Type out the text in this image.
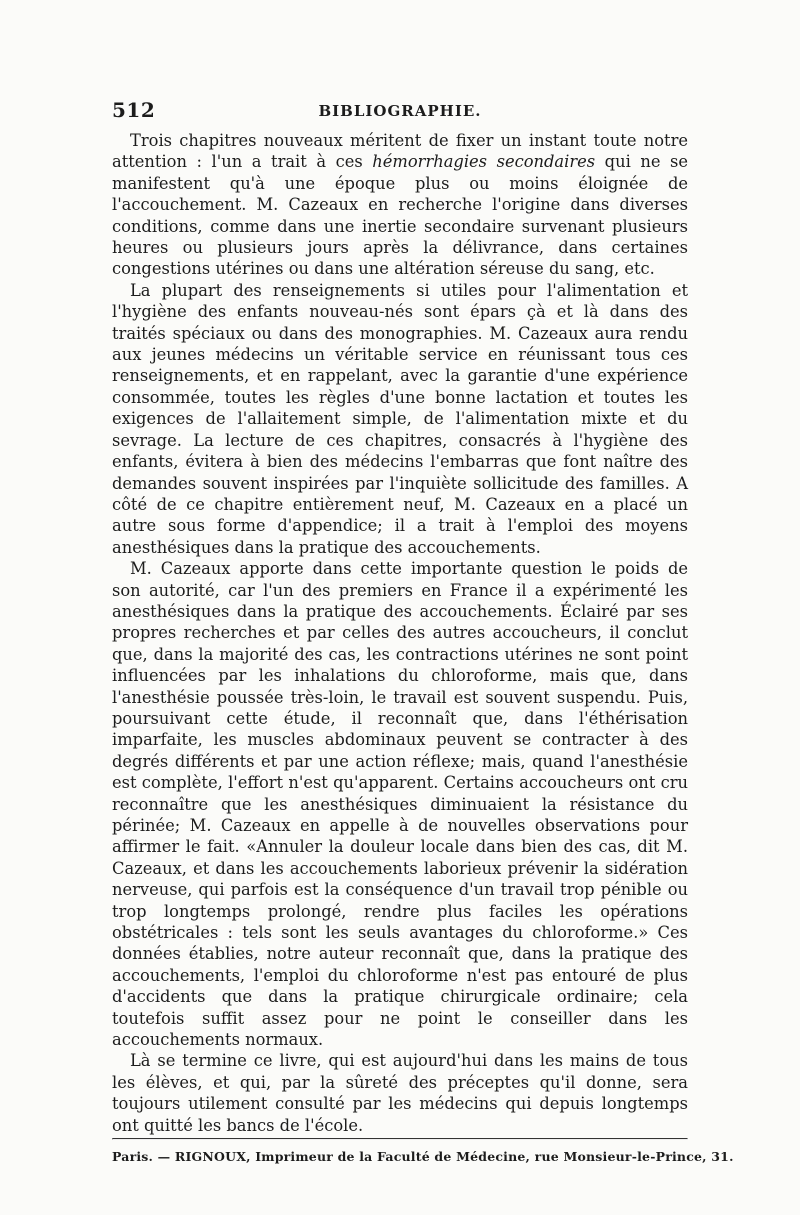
512	BIBLIOGRAPHIE.

Trois chapitres nouveaux méritent de fixer un instant toute notre attention : l'un a trait à ces hémorrhagies secondaires qui ne se manifestent qu'à une époque plus ou moins éloignée de l'accouchement. M. Cazeaux en recherche l'origine dans diverses conditions, comme dans une inertie secondaire survenant plusieurs heures ou plusieurs jours après la délivrance, dans certaines congestions utérines ou dans une altération séreuse du sang, etc.

La plupart des renseignements si utiles pour l'alimentation et l'hygiène des enfants nouveau-nés sont épars çà et là dans des traités spéciaux ou dans des monographies. M. Cazeaux aura rendu aux jeunes médecins un véritable service en réunissant tous ces renseignements, et en rappelant, avec la garantie d'une expérience consommée, toutes les règles d'une bonne lactation et toutes les exigences de l'allaitement simple, de l'alimentation mixte et du sevrage. La lecture de ces chapitres, consacrés à l'hygiène des enfants, évitera à bien des médecins l'embarras que font naître des demandes souvent inspirées par l'inquiète sollicitude des familles. A côté de ce chapitre entièrement neuf, M. Cazeaux en a placé un autre sous forme d'appendice; il a trait à l'emploi des moyens anesthésiques dans la pratique des accouchements.

M. Cazeaux apporte dans cette importante question le poids de son autorité, car l'un des premiers en France il a expérimenté les anesthésiques dans la pratique des accouchements. Éclairé par ses propres recherches et par celles des autres accoucheurs, il conclut que, dans la majorité des cas, les contractions utérines ne sont point influencées par les inhalations du chloroforme, mais que, dans l'anesthésie poussée très-loin, le travail est souvent suspendu. Puis, poursuivant cette étude, il reconnaît que, dans l'éthérisation imparfaite, les muscles abdominaux peuvent se contracter à des degrés différents et par une action réflexe; mais, quand l'anesthésie est complète, l'effort n'est qu'apparent. Certains accoucheurs ont cru reconnaître que les anesthésiques diminuaient la résistance du périnée; M. Cazeaux en appelle à de nouvelles observations pour affirmer le fait. «Annuler la douleur locale dans bien des cas, dit M. Cazeaux, et dans les accouchements laborieux prévenir la sidération nerveuse, qui parfois est la conséquence d'un travail trop pénible ou trop longtemps prolongé, rendre plus faciles les opérations obstétricales : tels sont les seuls avantages du chloroforme.» Ces données établies, notre auteur reconnaît que, dans la pratique des accouchements, l'emploi du chloroforme n'est pas entouré de plus d'accidents que dans la pratique chirurgicale ordinaire; cela toutefois suffit assez pour ne point le conseiller dans les accouchements normaux.

Là se termine ce livre, qui est aujourd'hui dans les mains de tous les élèves, et qui, par la sûreté des préceptes qu'il donne, sera toujours utilement consulté par les médecins qui depuis longtemps ont quitté les bancs de l'école.

Paris. — RIGNOUX, Imprimeur de la Faculté de Médecine, rue Monsieur-le-Prince, 31.
